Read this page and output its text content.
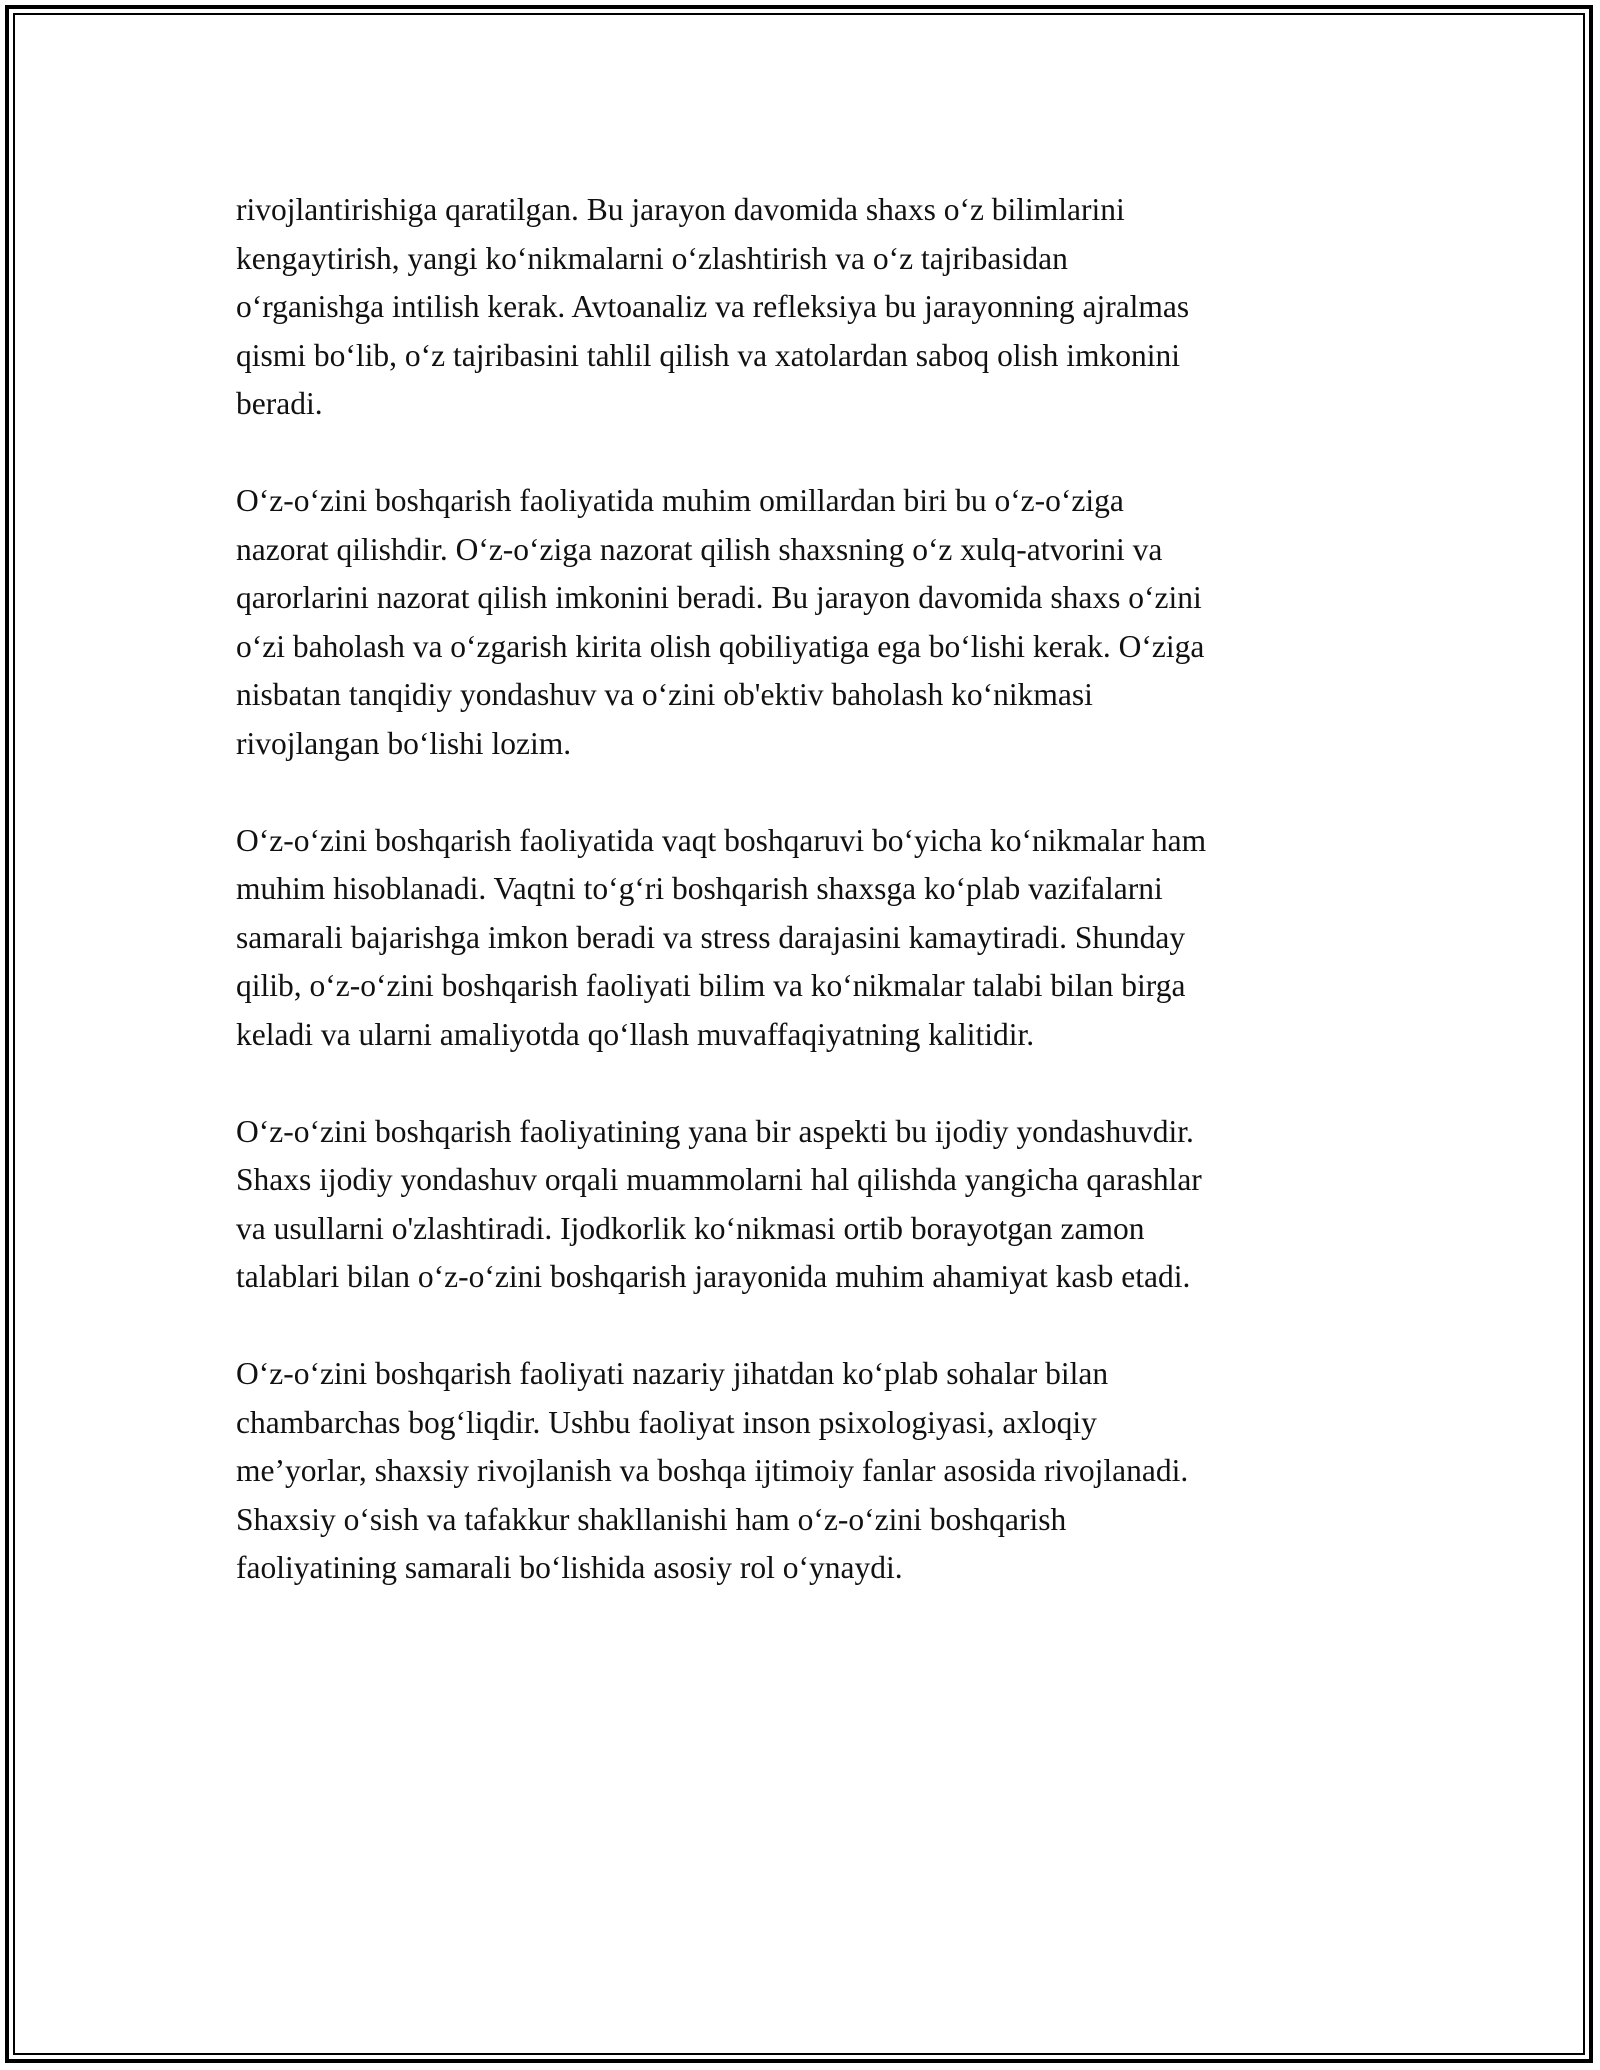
rivojlantirishiga qaratilgan. Bu jarayon davomida shaxs o‘z bilimlarini
kengaytirish, yangi ko‘nikmalarni o‘zlashtirish va o‘z tajribasidan
o‘rganishga intilish kerak. Avtoanaliz va refleksiya bu jarayonning ajralmas
qismi bo‘lib, o‘z tajribasini tahlil qilish va xatolardan saboq olish imkonini
beradi.

O‘z-o‘zini boshqarish faoliyatida muhim omillardan biri bu o‘z-o‘ziga
nazorat qilishdir. O‘z-o‘ziga nazorat qilish shaxsning o‘z xulq-atvorini va
qarorlarini nazorat qilish imkonini beradi. Bu jarayon davomida shaxs o‘zini
o‘zi baholash va o‘zgarish kirita olish qobiliyatiga ega bo‘lishi kerak. O‘ziga
nisbatan tanqidiy yondashuv va o‘zini ob'ektiv baholash ko‘nikmasi
rivojlangan bo‘lishi lozim.

O‘z-o‘zini boshqarish faoliyatida vaqt boshqaruvi bo‘yicha ko‘nikmalar ham
muhim hisoblanadi. Vaqtni to‘g‘ri boshqarish shaxsga ko‘plab vazifalarni
samarali bajarishga imkon beradi va stress darajasini kamaytiradi. Shunday
qilib, o‘z-o‘zini boshqarish faoliyati bilim va ko‘nikmalar talabi bilan birga
keladi va ularni amaliyotda qo‘llash muvaffaqiyatning kalitidir.

O‘z-o‘zini boshqarish faoliyatining yana bir aspekti bu ijodiy yondashuvdir.
Shaxs ijodiy yondashuv orqali muammolarni hal qilishda yangicha qarashlar
va usullarni o'zlashtiradi. Ijodkorlik ko‘nikmasi ortib borayotgan zamon
talablari bilan o‘z-o‘zini boshqarish jarayonida muhim ahamiyat kasb etadi.

O‘z-o‘zini boshqarish faoliyati nazariy jihatdan ko‘plab sohalar bilan
chambarchas bog‘liqdir. Ushbu faoliyat inson psixologiyasi, axloqiy
me’yorlar, shaxsiy rivojlanish va boshqa ijtimoiy fanlar asosida rivojlanadi.
Shaxsiy o‘sish va tafakkur shakllanishi ham o‘z-o‘zini boshqarish
faoliyatining samarali bo‘lishida asosiy rol o‘ynaydi.
